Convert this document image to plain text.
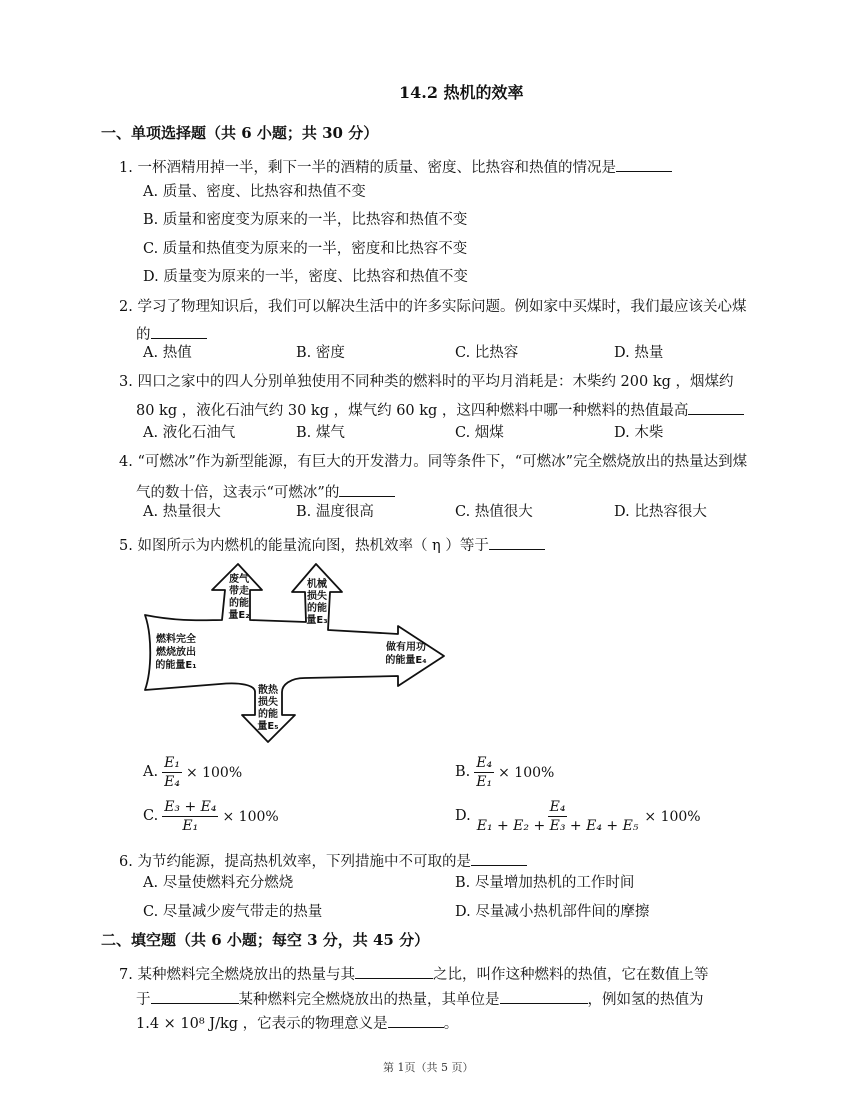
14.2 热机的效率
一、单项选择题（共 6 小题；共 30 分）
1. 一杯酒精用掉一半，剩下一半的酒精的质量、密度、比热容和热值的情况是
A. 质量、密度、比热容和热值不变
B. 质量和密度变为原来的一半，比热容和热值不变
C. 质量和热值变为原来的一半，密度和比热容不变
D. 质量变为原来的一半，密度、比热容和热值不变
2. 学习了物理知识后，我们可以解决生活中的许多实际问题。例如家中买煤时，我们最应该关心煤
的
A. 热值	B. 密度	C. 比热容	D. 热量
3. 四口之家中的四人分别单独使用不同种类的燃料时的平均月消耗是：木柴约 200 kg ，烟煤约
80 kg ，液化石油气约 30 kg ，煤气约 60 kg ，这四种燃料中哪一种燃料的热值最高
A. 液化石油气	B. 煤气	C. 烟煤	D. 木柴
4. “可燃冰”作为新型能源，有巨大的开发潜力。同等条件下，“可燃冰”完全燃烧放出的热量达到煤
气的数十倍，这表示“可燃冰”的
A. 热量很大	B. 温度很高	C. 热值很大	D. 比热容很大
5. 如图所示为内燃机的能量流向图，热机效率（ η ）等于
燃料完全
燃烧放出
的能量E₁
废气
带走
的能
量E₂
机械
损失
的能
量E₃
做有用功
的能量E₄
散热
损失
的能
量E₅
A. $\frac{\text{E₁}}{\text{E₄}} \times 100\%$	B. $\frac{\text{E₄}}{\text{E₁}} \times 100\%$
C. $\frac{\text{E₃ + E₄}}{\text{E₁}} \times 100\%$	D. $\frac{\text{E₄}}{\text{E₁ + E₂ + E₃ + E₄ + E₅}} \times 100\%$
6. 为节约能源，提高热机效率，下列措施中不可取的是
A. 尽量使燃料充分燃烧	B. 尽量增加热机的工作时间
C. 尽量减少废气带走的热量	D. 尽量减小热机部件间的摩擦
二、填空题（共 6 小题；每空 3 分，共 45 分）
7. 某种燃料完全燃烧放出的热量与其	之比，叫作这种燃料的热值，它在数值上等
于	某种燃料完全燃烧放出的热量，其单位是	，例如氢的热值为
1.4 × 10⁸ J/kg ，它表示的物理意义是	。
第 1页（共 5 页）
